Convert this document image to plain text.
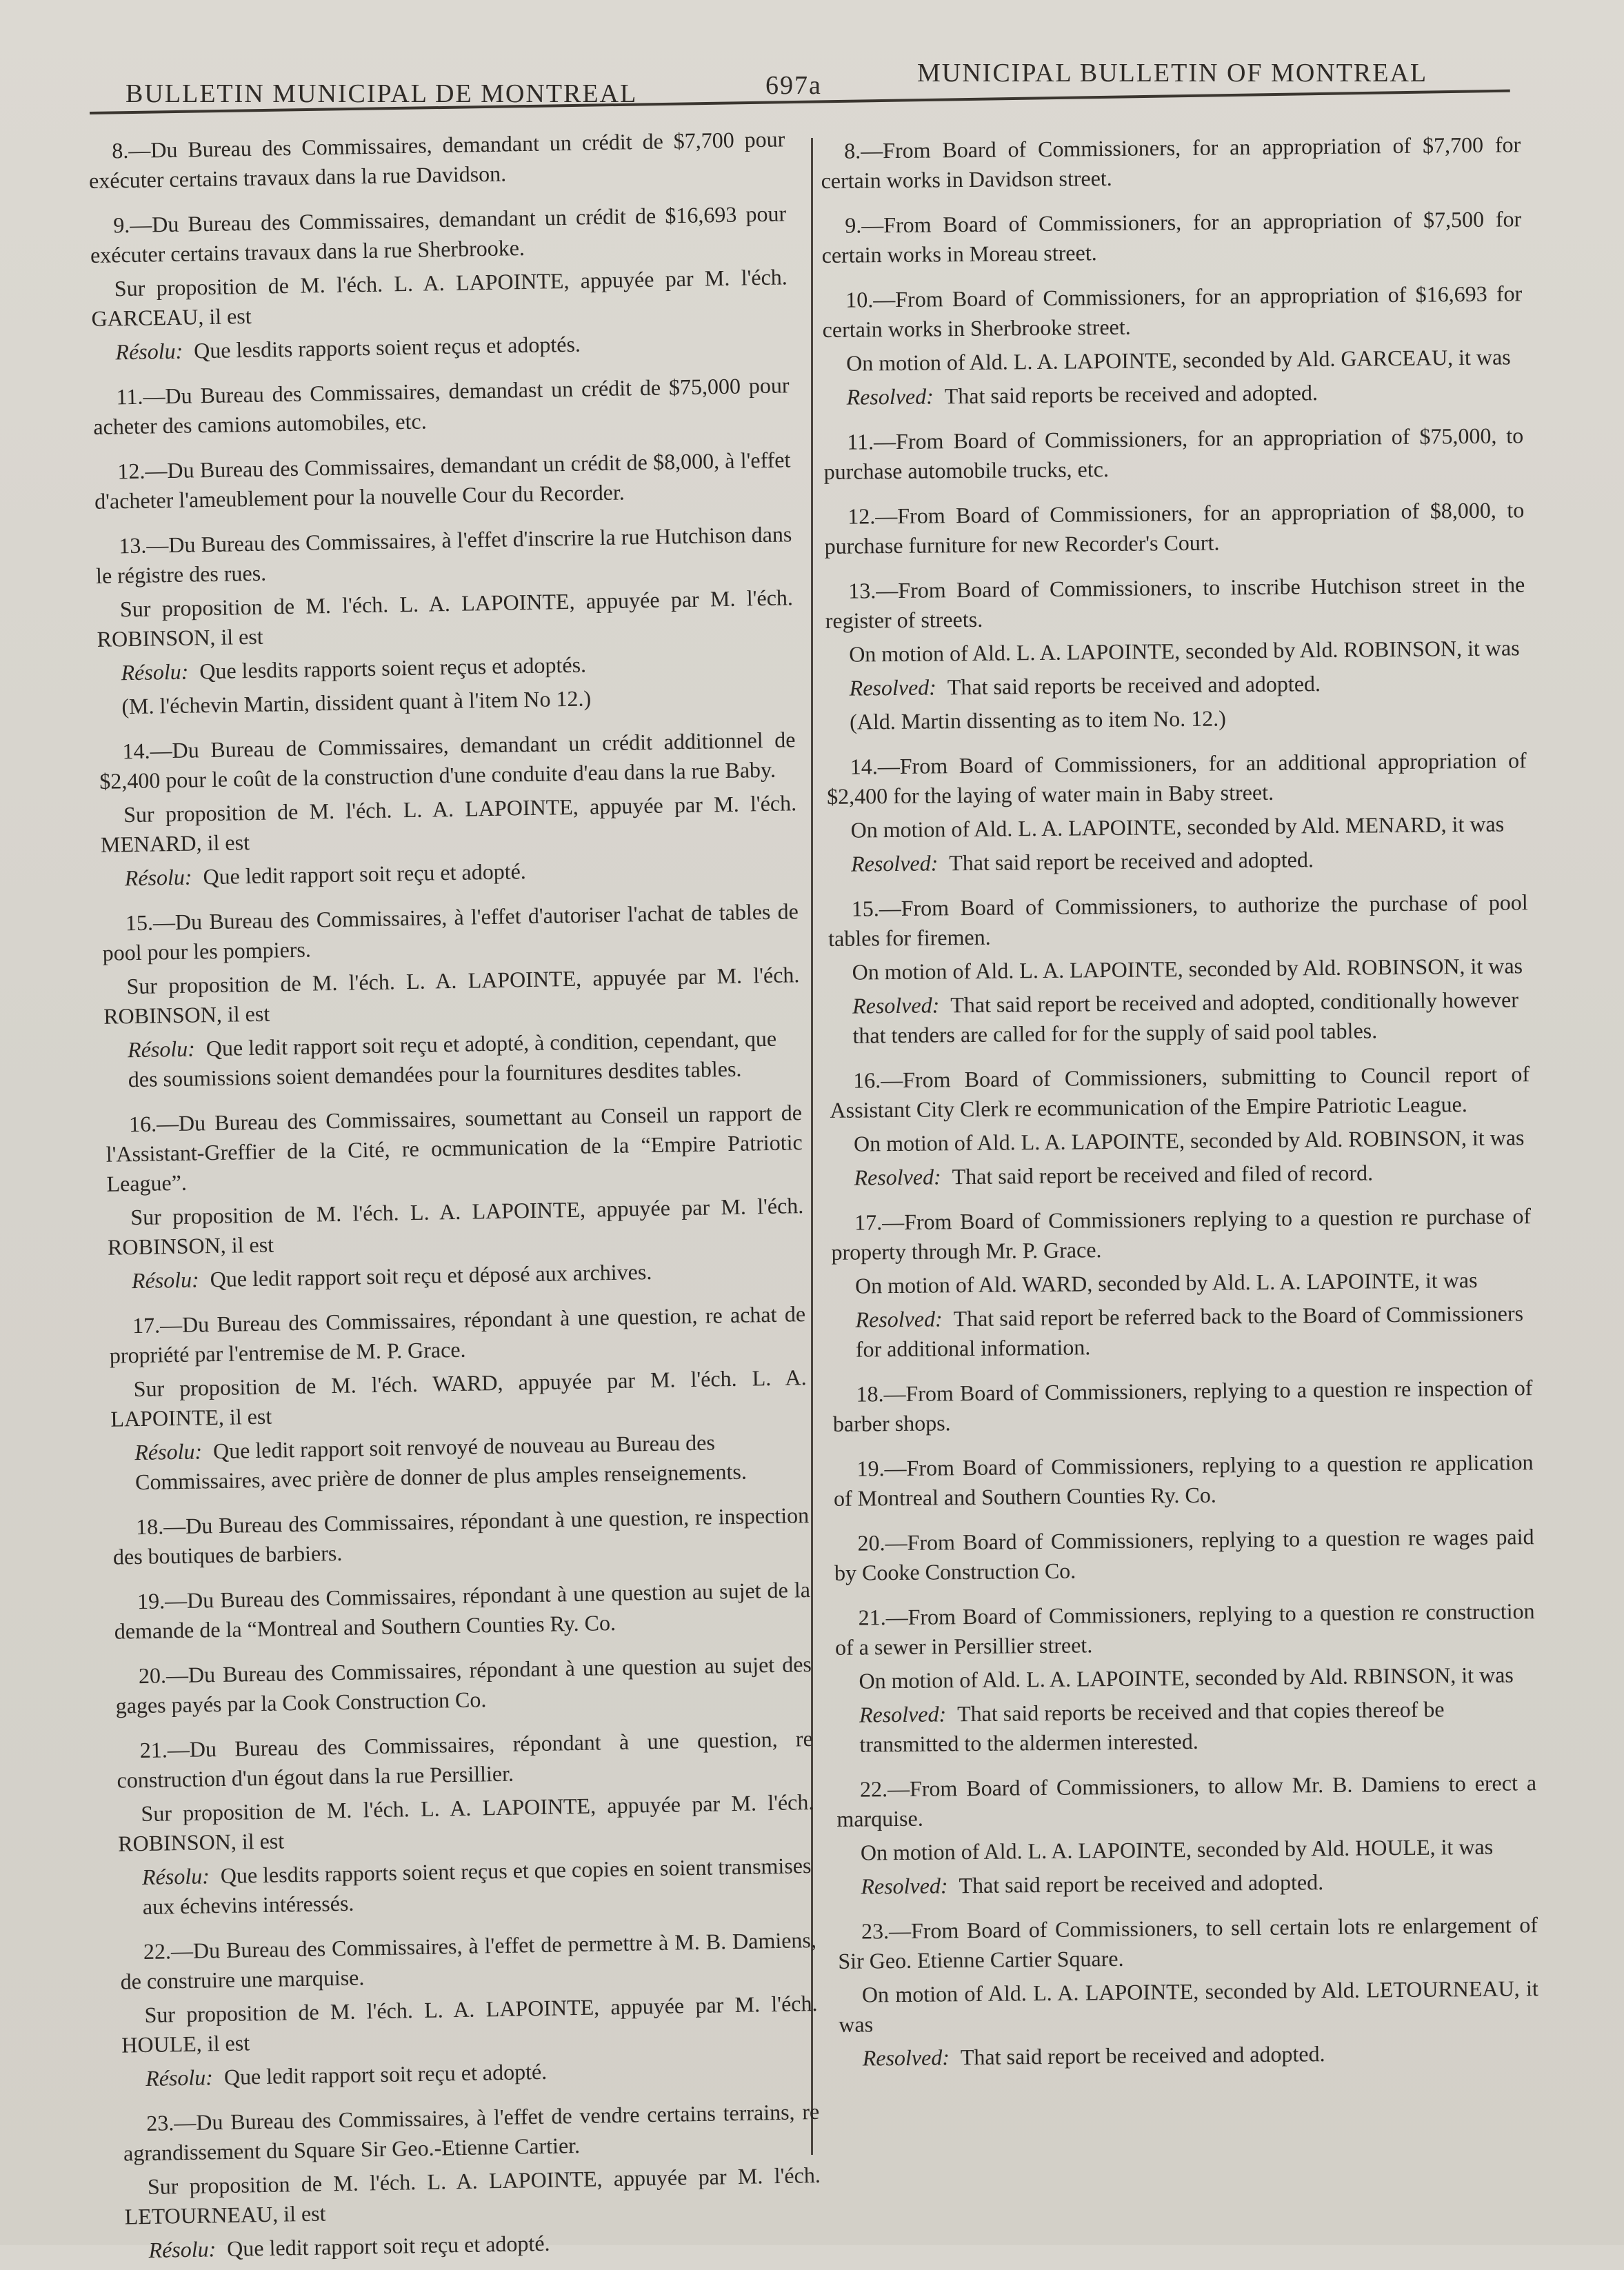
BULLETIN MUNICIPAL DE MONTREAL	697a	MUNICIPAL BULLETIN OF MONTREAL

8.—Du Bureau des Commissaires, demandant un crédit de $7,700 pour exécuter certains travaux dans la rue Davidson.

9.—Du Bureau des Commissaires, demandant un crédit de $16,693 pour exécuter certains travaux dans la rue Sherbrooke.

Sur proposition de M. l'éch. L. A. LAPOINTE, appuyée par M. l'éch. GARCEAU, il est

Résolu: Que lesdits rapports soient reçus et adoptés.

11.—Du Bureau des Commissaires, demandast un crédit de $75,000 pour acheter des camions automobiles, etc.

12.—Du Bureau des Commissaires, demandant un crédit de $8,000, à l'effet d'acheter l'ameublement pour la nouvelle Cour du Recorder.

13.—Du Bureau des Commissaires, à l'effet d'inscrire la rue Hutchison dans le régistre des rues.

Sur proposition de M. l'éch. L. A. LAPOINTE, appuyée par M. l'éch. ROBINSON, il est

Résolu: Que lesdits rapports soient reçus et adoptés.

(M. l'échevin Martin, dissident quant à l'item No 12.)

14.—Du Bureau de Commissaires, demandant un crédit additionnel de $2,400 pour le coût de la construction d'une conduite d'eau dans la rue Baby.

Sur proposition de M. l'éch. L. A. LAPOINTE, appuyée par M. l'éch. MENARD, il est

Résolu: Que ledit rapport soit reçu et adopté.

15.—Du Bureau des Commissaires, à l'effet d'autoriser l'achat de tables de pool pour les pompiers.

Sur proposition de M. l'éch. L. A. LAPOINTE, appuyée par M. l'éch. ROBINSON, il est

Résolu: Que ledit rapport soit reçu et adopté, à condition, cependant, que des soumissions soient demandées pour la fournitures desdites tables.

16.—Du Bureau des Commissaires, soumettant au Conseil un rapport de l'Assistant-Greffier de la Cité, re ocmmunication de la “Empire Patriotic League”.

Sur proposition de M. l'éch. L. A. LAPOINTE, appuyée par M. l'éch. ROBINSON, il est

Résolu: Que ledit rapport soit reçu et déposé aux archives.

17.—Du Bureau des Commissaires, répondant à une question, re achat de propriété par l'entremise de M. P. Grace.

Sur proposition de M. l'éch. WARD, appuyée par M. l'éch. L. A. LAPOINTE, il est

Résolu: Que ledit rapport soit renvoyé de nouveau au Bureau des Commissaires, avec prière de donner de plus amples renseignements.

18.—Du Bureau des Commissaires, répondant à une question, re inspection des boutiques de barbiers.

19.—Du Bureau des Commissaires, répondant à une question au sujet de la demande de la “Montreal and Southern Counties Ry. Co.

20.—Du Bureau des Commissaires, répondant à une question au sujet des gages payés par la Cook Construction Co.

21.—Du Bureau des Commissaires, répondant à une question, re construction d'un égout dans la rue Persillier.

Sur proposition de M. l'éch. L. A. LAPOINTE, appuyée par M. l'éch. ROBINSON, il est

Résolu: Que lesdits rapports soient reçus et que copies en soient transmises aux échevins intéressés.

22.—Du Bureau des Commissaires, à l'effet de permettre à M. B. Damiens, de construire une marquise.

Sur proposition de M. l'éch. L. A. LAPOINTE, appuyée par M. l'éch. HOULE, il est

Résolu: Que ledit rapport soit reçu et adopté.

23.—Du Bureau des Commissaires, à l'effet de vendre certains terrains, re agrandissement du Square Sir Geo.-Etienne Cartier.

Sur proposition de M. l'éch. L. A. LAPOINTE, appuyée par M. l'éch. LETOURNEAU, il est

Résolu: Que ledit rapport soit reçu et adopté.

8.—From Board of Commissioners, for an appropriation of $7,700 for certain works in Davidson street.

9.—From Board of Commissioners, for an appropriation of $7,500 for certain works in Moreau street.

10.—From Board of Commissioners, for an appropriation of $16,693 for certain works in Sherbrooke street.

On motion of Ald. L. A. LAPOINTE, seconded by Ald. GARCEAU, it was

Resolved: That said reports be received and adopted.

11.—From Board of Commissioners, for an appropriation of $75,000, to purchase automobile trucks, etc.

12.—From Board of Commissioners, for an appropriation of $8,000, to purchase furniture for new Recorder's Court.

13.—From Board of Commissioners, to inscribe Hutchison street in the register of streets.

On motion of Ald. L. A. LAPOINTE, seconded by Ald. ROBINSON, it was

Resolved: That said reports be received and adopted.

(Ald. Martin dissenting as to item No. 12.)

14.—From Board of Commissioners, for an additional appropriation of $2,400 for the laying of water main in Baby street.

On motion of Ald. L. A. LAPOINTE, seconded by Ald. MENARD, it was

Resolved: That said report be received and adopted.

15.—From Board of Commissioners, to authorize the purchase of pool tables for firemen.

On motion of Ald. L. A. LAPOINTE, seconded by Ald. ROBINSON, it was

Resolved: That said report be received and adopted, conditionally however that tenders are called for for the supply of said pool tables.

16.—From Board of Commissioners, submitting to Council report of Assistant City Clerk re ecommunication of the Empire Patriotic League.

On motion of Ald. L. A. LAPOINTE, seconded by Ald. ROBINSON, it was

Resolved: That said report be received and filed of record.

17.—From Board of Commissioners replying to a question re purchase of property through Mr. P. Grace.

On motion of Ald. WARD, seconded by Ald. L. A. LAPOINTE, it was

Resolved: That said report be referred back to the Board of Commissioners for additional information.

18.—From Board of Commissioners, replying to a question re inspection of barber shops.

19.—From Board of Commissioners, replying to a question re application of Montreal and Southern Counties Ry. Co.

20.—From Board of Commissioners, replying to a question re wages paid by Cooke Construction Co.

21.—From Board of Commissioners, replying to a question re construction of a sewer in Persillier street.

On motion of Ald. L. A. LAPOINTE, seconded by Ald. RBINSON, it was

Resolved: That said reports be received and that copies thereof be transmitted to the aldermen interested.

22.—From Board of Commissioners, to allow Mr. B. Damiens to erect a marquise.

On motion of Ald. L. A. LAPOINTE, seconded by Ald. HOULE, it was

Resolved: That said report be received and adopted.

23.—From Board of Commissioners, to sell certain lots re enlargement of Sir Geo. Etienne Cartier Square.

On motion of Ald. L. A. LAPOINTE, seconded by Ald. LETOURNEAU, it was

Resolved: That said report be received and adopted.
